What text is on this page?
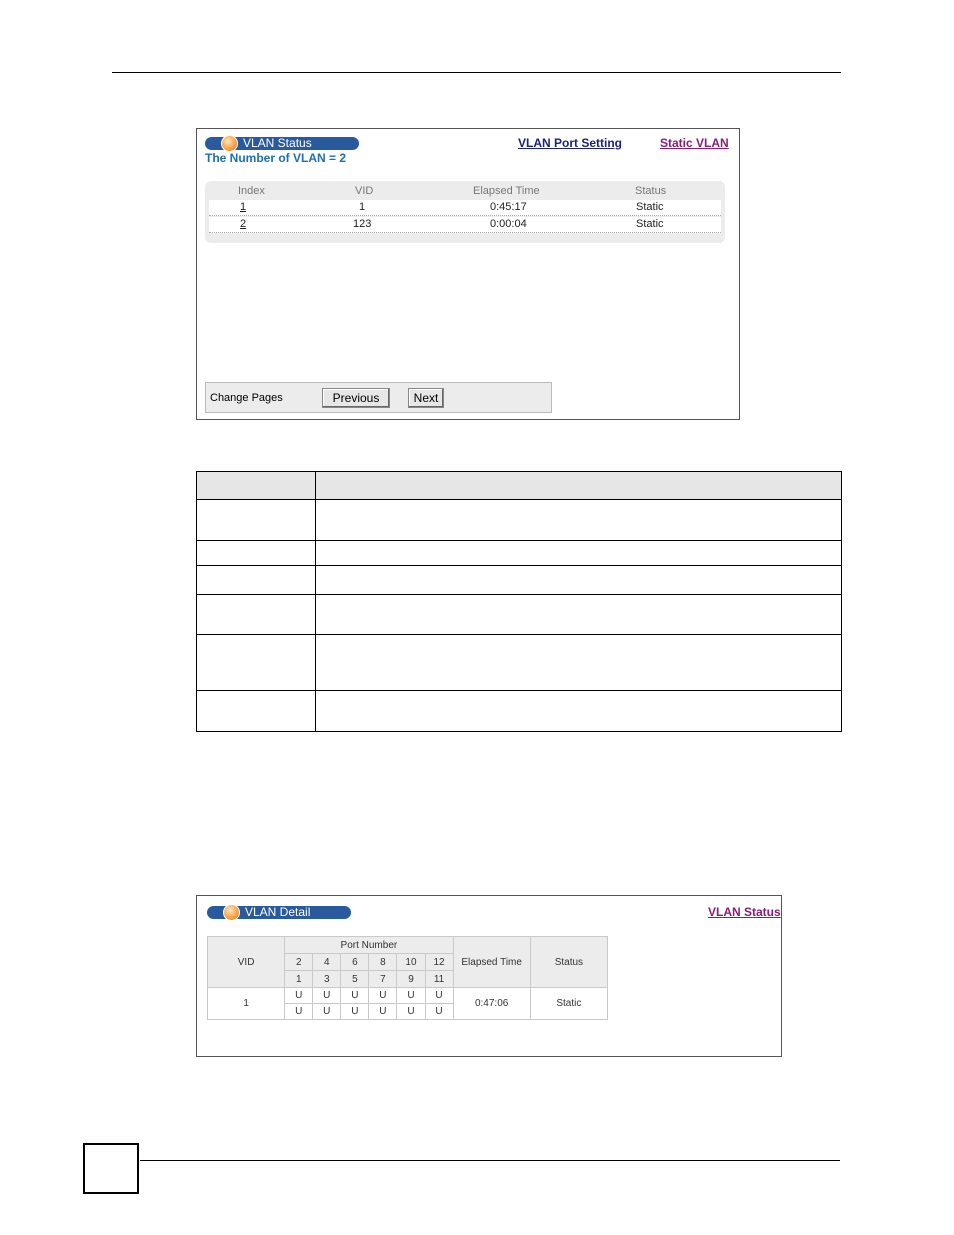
VLAN Status
The Number of VLAN = 2
VLAN Port Setting	Static VLAN
Index	VID	Elapsed Time	Status
1	1	0:45:17	Static
2	123	0:00:04	Static
Change Pages	Previous	Next
VLAN Detail	VLAN Status
VID	Port Number						Elapsed Time	Status
	2	4	6	8	10	12		
	1	3	5	7	9	11		
1	U	U	U	U	U	U	0:47:06	Static
	U	U	U	U	U	U		
